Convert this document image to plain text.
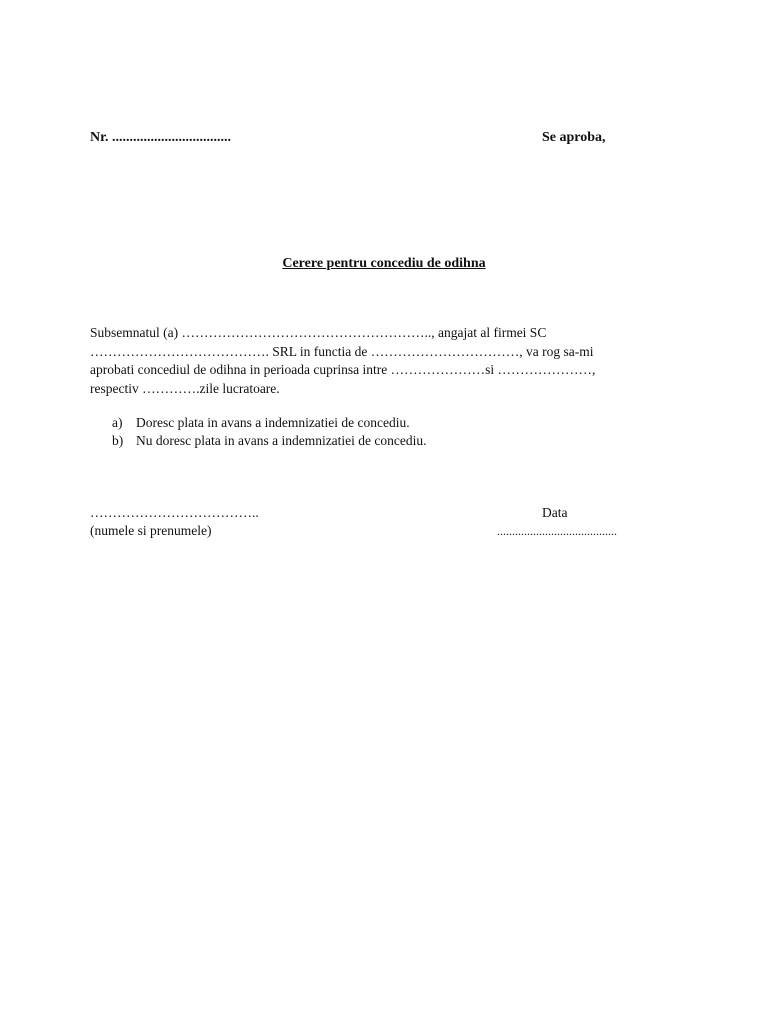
Nr. ..................................	Se aproba,
Cerere pentru concediu de odihna
Subsemnatul (a) ……………………………………………….., angajat al firmei SC
…………………………………. SRL in functia de ……………………………, va rog sa-mi
aprobati concediul de odihna in perioada cuprinsa intre …………………si …………………,
respectiv ………….zile lucratoare.
a) Doresc plata in avans a indemnizatiei de concediu.
b) Nu doresc plata in avans a indemnizatiei de concediu.
………………………………..
(numele si prenumele)
Data
........................................
